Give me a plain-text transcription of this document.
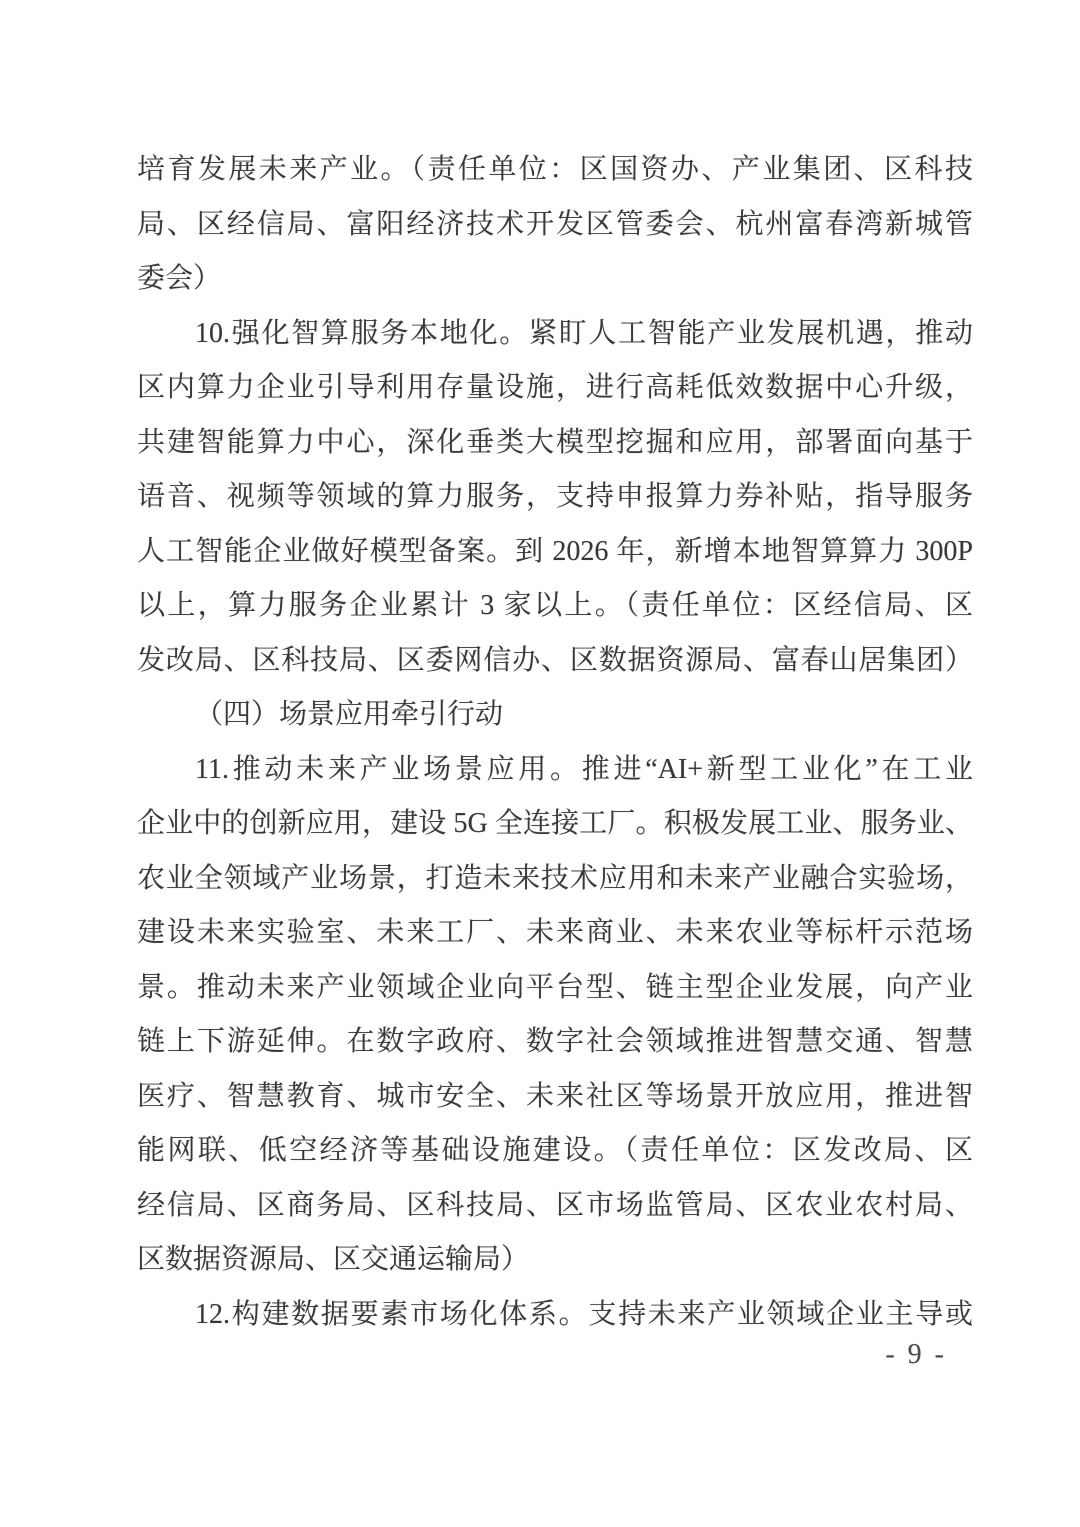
培育发展未来产业。（责任单位：区国资办、产业集团、区科技
局、区经信局、富阳经济技术开发区管委会、杭州富春湾新城管
委会）
10.强化智算服务本地化。紧盯人工智能产业发展机遇，推动
区内算力企业引导利用存量设施，进行高耗低效数据中心升级，
共建智能算力中心，深化垂类大模型挖掘和应用，部署面向基于
语音、视频等领域的算力服务，支持申报算力券补贴，指导服务
人工智能企业做好模型备案。到 2026 年，新增本地智算算力 300P
以上，算力服务企业累计 3 家以上。（责任单位：区经信局、区
发改局、区科技局、区委网信办、区数据资源局、富春山居集团）
（四）场景应用牵引行动
11.推动未来产业场景应用。推进“AI+新型工业化”在工业
企业中的创新应用，建设 5G 全连接工厂。积极发展工业、服务业、
农业全领域产业场景，打造未来技术应用和未来产业融合实验场，
建设未来实验室、未来工厂、未来商业、未来农业等标杆示范场
景。推动未来产业领域企业向平台型、链主型企业发展，向产业
链上下游延伸。在数字政府、数字社会领域推进智慧交通、智慧
医疗、智慧教育、城市安全、未来社区等场景开放应用，推进智
能网联、低空经济等基础设施建设。（责任单位：区发改局、区
经信局、区商务局、区科技局、区市场监管局、区农业农村局、
区数据资源局、区交通运输局）
12.构建数据要素市场化体系。支持未来产业领域企业主导或
- 9 -
